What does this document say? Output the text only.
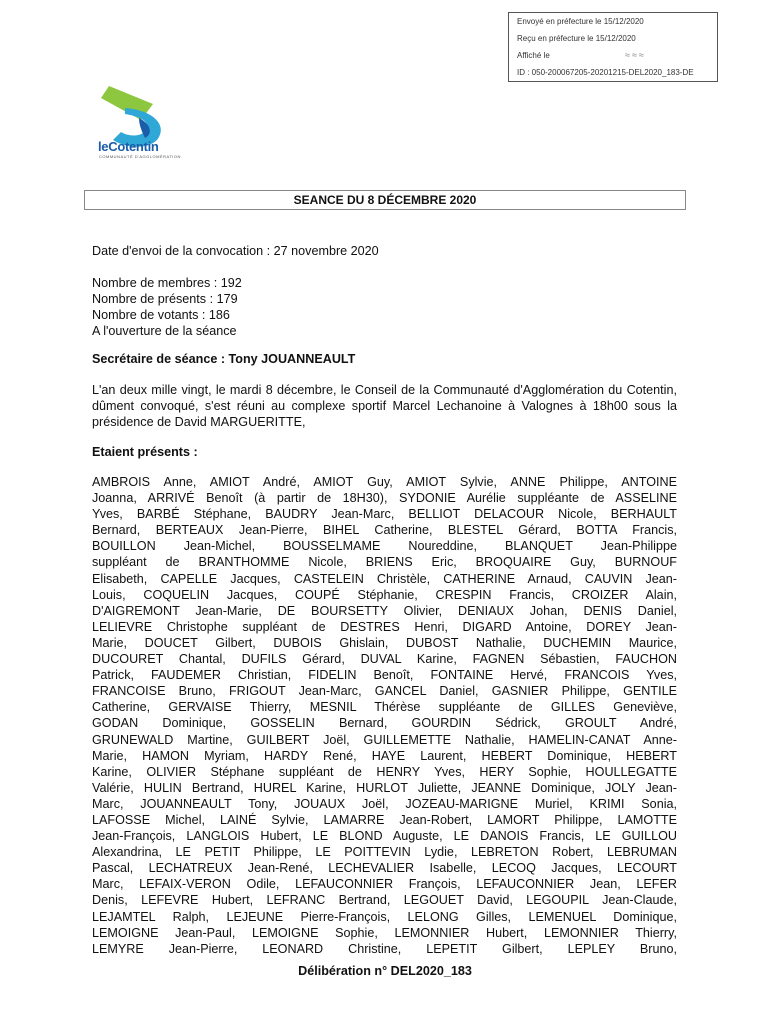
Envoyé en préfecture le 15/12/2020
Reçu en préfecture le 15/12/2020
Affiché le	≈≈≈
ID : 050-200067205-20201215-DEL2020_183-DE
leCotentin
COMMUNAUTÉ D'AGGLOMÉRATION
SEANCE DU 8 DÉCEMBRE 2020
Date d'envoi de la convocation : 27 novembre 2020
Nombre de membres : 192
Nombre de présents : 179
Nombre de votants : 186
A l'ouverture de la séance
Secrétaire de séance : Tony JOUANNEAULT
L'an deux mille vingt, le mardi 8 décembre, le Conseil de la Communauté d'Agglomération du Cotentin, dûment convoqué, s'est réuni au complexe sportif Marcel Lechanoine à Valognes à 18h00 sous la présidence de David MARGUERITTE,
Etaient présents :
AMBROIS Anne, AMIOT André, AMIOT Guy, AMIOT Sylvie, ANNE Philippe, ANTOINE
Joanna, ARRIVÉ Benoît (à partir de 18H30), SYDONIE Aurélie suppléante de ASSELINE
Yves, BARBÉ Stéphane, BAUDRY Jean-Marc, BELLIOT DELACOUR Nicole, BERHAULT
Bernard, BERTEAUX Jean-Pierre, BIHEL Catherine, BLESTEL Gérard, BOTTA Francis,
BOUILLON Jean-Michel, BOUSSELMAME Noureddine, BLANQUET Jean-Philippe
suppléant de BRANTHOMME Nicole, BRIENS Eric, BROQUAIRE Guy, BURNOUF
Elisabeth, CAPELLE Jacques, CASTELEIN Christèle, CATHERINE Arnaud, CAUVIN Jean-
Louis, COQUELIN Jacques, COUPÉ Stéphanie, CRESPIN Francis, CROIZER Alain,
D'AIGREMONT Jean-Marie, DE BOURSETTY Olivier, DENIAUX Johan, DENIS Daniel,
LELIEVRE Christophe suppléant de DESTRES Henri, DIGARD Antoine, DOREY Jean-
Marie, DOUCET Gilbert, DUBOIS Ghislain, DUBOST Nathalie, DUCHEMIN Maurice,
DUCOURET Chantal, DUFILS Gérard, DUVAL Karine, FAGNEN Sébastien, FAUCHON
Patrick, FAUDEMER Christian, FIDELIN Benoît, FONTAINE Hervé, FRANCOIS Yves,
FRANCOISE Bruno, FRIGOUT Jean-Marc, GANCEL Daniel, GASNIER Philippe, GENTILE
Catherine, GERVAISE Thierry, MESNIL Thérèse suppléante de GILLES Geneviève,
GODAN Dominique, GOSSELIN Bernard, GOURDIN Sédrick, GROULT André,
GRUNEWALD Martine, GUILBERT Joël, GUILLEMETTE Nathalie, HAMELIN-CANAT Anne-
Marie, HAMON Myriam, HARDY René, HAYE Laurent, HEBERT Dominique, HEBERT
Karine, OLIVIER Stéphane suppléant de HENRY Yves, HERY Sophie, HOULLEGATTE
Valérie, HULIN Bertrand, HUREL Karine, HURLOT Juliette, JEANNE Dominique, JOLY Jean-
Marc, JOUANNEAULT Tony, JOUAUX Joël, JOZEAU-MARIGNE Muriel, KRIMI Sonia,
LAFOSSE Michel, LAINÉ Sylvie, LAMARRE Jean-Robert, LAMORT Philippe, LAMOTTE
Jean-François, LANGLOIS Hubert, LE BLOND Auguste, LE DANOIS Francis, LE GUILLOU
Alexandrina, LE PETIT Philippe, LE POITTEVIN Lydie, LEBRETON Robert, LEBRUMAN
Pascal, LECHATREUX Jean-René, LECHEVALIER Isabelle, LECOQ Jacques, LECOURT
Marc, LEFAIX-VERON Odile, LEFAUCONNIER François, LEFAUCONNIER Jean, LEFER
Denis, LEFEVRE Hubert, LEFRANC Bertrand, LEGOUET David, LEGOUPIL Jean-Claude,
LEJAMTEL Ralph, LEJEUNE Pierre-François, LELONG Gilles, LEMENUEL Dominique,
LEMOIGNE Jean-Paul, LEMOIGNE Sophie, LEMONNIER Hubert, LEMONNIER Thierry,
LEMYRE Jean-Pierre, LEONARD Christine, LEPETIT Gilbert, LEPLEY Bruno,
Délibération n° DEL2020_183
